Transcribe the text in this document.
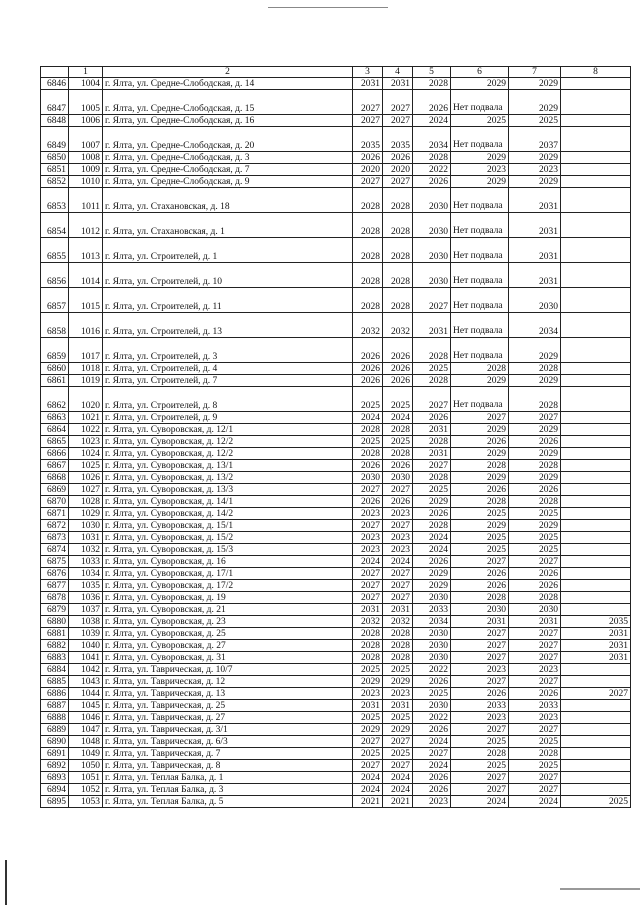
	1	2	3	4	5	6	7	8
6846	1004	г. Ялта, ул. Средне-Слободская, д. 14	2031	2031	2028	2029	2029	
6847	1005	г. Ялта, ул. Средне-Слободская, д. 15	2027	2027	2026	Нет подвала	2029	
6848	1006	г. Ялта, ул. Средне-Слободская, д. 16	2027	2027	2024	2025	2025	
6849	1007	г. Ялта, ул. Средне-Слободская, д. 20	2035	2035	2034	Нет подвала	2037	
6850	1008	г. Ялта, ул. Средне-Слободская, д. 3	2026	2026	2028	2029	2029	
6851	1009	г. Ялта, ул. Средне-Слободская, д. 7	2020	2020	2022	2023	2023	
6852	1010	г. Ялта, ул. Средне-Слободская, д. 9	2027	2027	2026	2029	2029	
6853	1011	г. Ялта, ул. Стахановская, д. 18	2028	2028	2030	Нет подвала	2031	
6854	1012	г. Ялта, ул. Стахановская, д. 1	2028	2028	2030	Нет подвала	2031	
6855	1013	г. Ялта, ул. Строителей, д. 1	2028	2028	2030	Нет подвала	2031	
6856	1014	г. Ялта, ул. Строителей, д. 10	2028	2028	2030	Нет подвала	2031	
6857	1015	г. Ялта, ул. Строителей, д. 11	2028	2028	2027	Нет подвала	2030	
6858	1016	г. Ялта, ул. Строителей, д. 13	2032	2032	2031	Нет подвала	2034	
6859	1017	г. Ялта, ул. Строителей, д. 3	2026	2026	2028	Нет подвала	2029	
6860	1018	г. Ялта, ул. Строителей, д. 4	2026	2026	2025	2028	2028	
6861	1019	г. Ялта, ул. Строителей, д. 7	2026	2026	2028	2029	2029	
6862	1020	г. Ялта, ул. Строителей, д. 8	2025	2025	2027	Нет подвала	2028	
6863	1021	г. Ялта, ул. Строителей, д. 9	2024	2024	2026	2027	2027	
6864	1022	г. Ялта, ул. Суворовская, д. 12/1	2028	2028	2031	2029	2029	
6865	1023	г. Ялта, ул. Суворовская, д. 12/2	2025	2025	2028	2026	2026	
6866	1024	г. Ялта, ул. Суворовская, д. 12/2	2028	2028	2031	2029	2029	
6867	1025	г. Ялта, ул. Суворовская, д. 13/1	2026	2026	2027	2028	2028	
6868	1026	г. Ялта, ул. Суворовская, д. 13/2	2030	2030	2028	2029	2029	
6869	1027	г. Ялта, ул. Суворовская, д. 13/3	2027	2027	2025	2026	2026	
6870	1028	г. Ялта, ул. Суворовская, д. 14/1	2026	2026	2029	2028	2028	
6871	1029	г. Ялта, ул. Суворовская, д. 14/2	2023	2023	2026	2025	2025	
6872	1030	г. Ялта, ул. Суворовская, д. 15/1	2027	2027	2028	2029	2029	
6873	1031	г. Ялта, ул. Суворовская, д. 15/2	2023	2023	2024	2025	2025	
6874	1032	г. Ялта, ул. Суворовская, д. 15/3	2023	2023	2024	2025	2025	
6875	1033	г. Ялта, ул. Суворовская, д. 16	2024	2024	2026	2027	2027	
6876	1034	г. Ялта, ул. Суворовская, д. 17/1	2027	2027	2029	2026	2026	
6877	1035	г. Ялта, ул. Суворовская, д. 17/2	2027	2027	2029	2026	2026	
6878	1036	г. Ялта, ул. Суворовская, д. 19	2027	2027	2030	2028	2028	
6879	1037	г. Ялта, ул. Суворовская, д. 21	2031	2031	2033	2030	2030	
6880	1038	г. Ялта, ул. Суворовская, д. 23	2032	2032	2034	2031	2031	2035
6881	1039	г. Ялта, ул. Суворовская, д. 25	2028	2028	2030	2027	2027	2031
6882	1040	г. Ялта, ул. Суворовская, д. 27	2028	2028	2030	2027	2027	2031
6883	1041	г. Ялта, ул. Суворовская, д. 31	2028	2028	2030	2027	2027	2031
6884	1042	г. Ялта, ул. Таврическая, д. 10/7	2025	2025	2022	2023	2023	
6885	1043	г. Ялта, ул. Таврическая, д. 12	2029	2029	2026	2027	2027	
6886	1044	г. Ялта, ул. Таврическая, д. 13	2023	2023	2025	2026	2026	2027
6887	1045	г. Ялта, ул. Таврическая, д. 25	2031	2031	2030	2033	2033	
6888	1046	г. Ялта, ул. Таврическая, д. 27	2025	2025	2022	2023	2023	
6889	1047	г. Ялта, ул. Таврическая, д. 3/1	2029	2029	2026	2027	2027	
6890	1048	г. Ялта, ул. Таврическая, д. 6/3	2027	2027	2024	2025	2025	
6891	1049	г. Ялта, ул. Таврическая, д. 7	2025	2025	2027	2028	2028	
6892	1050	г. Ялта, ул. Таврическая, д. 8	2027	2027	2024	2025	2025	
6893	1051	г. Ялта, ул. Теплая Балка, д. 1	2024	2024	2026	2027	2027	
6894	1052	г. Ялта, ул. Теплая Балка, д. 3	2024	2024	2026	2027	2027	
6895	1053	г. Ялта, ул. Теплая Балка, д. 5	2021	2021	2023	2024	2024	2025
